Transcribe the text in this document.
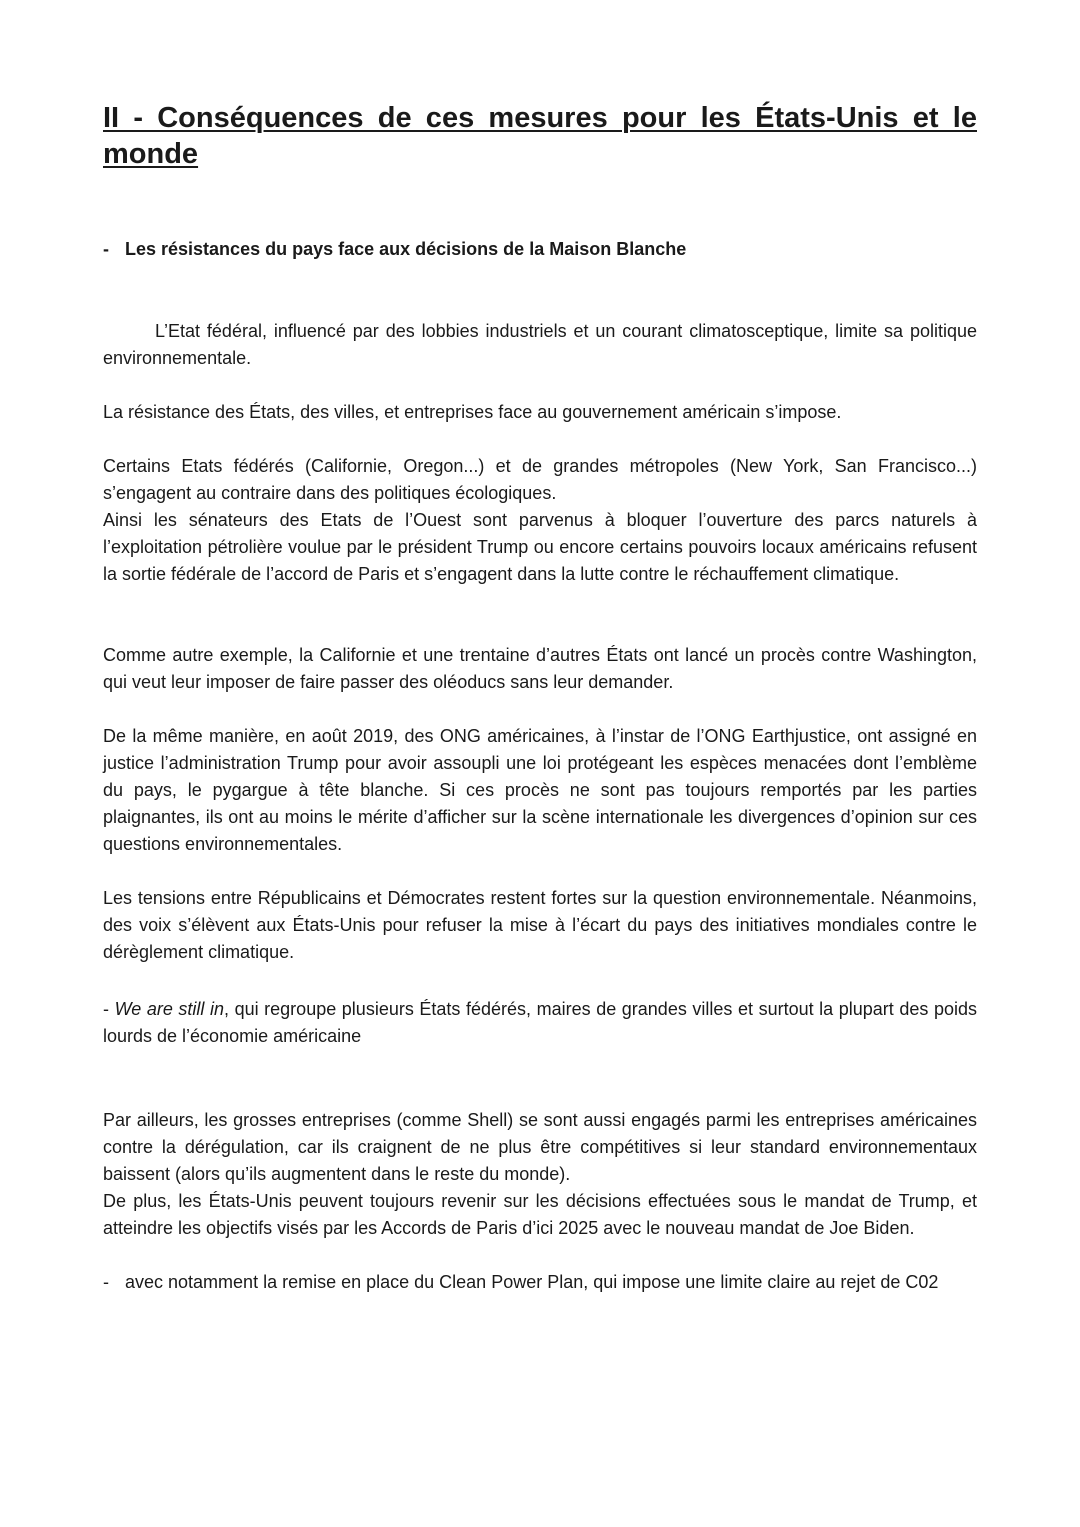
II - Conséquences de ces mesures pour les États-Unis et le monde
- Les résistances du pays face aux décisions de la Maison Blanche

L’Etat fédéral, influencé par des lobbies industriels et un courant climatosceptique, limite sa politique environnementale.

La résistance des États, des villes, et entreprises face au gouvernement américain s’impose.

Certains Etats fédérés (Californie, Oregon...) et de grandes métropoles (New York, San Francisco...) s’engagent au contraire dans des politiques écologiques.

Ainsi les sénateurs des Etats de l’Ouest sont parvenus à bloquer l’ouverture des parcs naturels à l’exploitation pétrolière voulue par le président Trump ou encore certains pouvoirs locaux américains refusent la sortie fédérale de l’accord de Paris et s’engagent dans la lutte contre le réchauffement climatique.

Comme autre exemple, la Californie et une trentaine d’autres États ont lancé un procès contre Washington, qui veut leur imposer de faire passer des oléoducs sans leur demander.

De la même manière, en août 2019, des ONG américaines, à l’instar de l’ONG Earthjustice, ont assigné en justice l’administration Trump pour avoir assoupli une loi protégeant les espèces menacées dont l’emblème du pays, le pygargue à tête blanche. Si ces procès ne sont pas toujours remportés par les parties plaignantes, ils ont au moins le mérite d’afficher sur la scène internationale les divergences d’opinion sur ces questions environnementales.

Les tensions entre Républicains et Démocrates restent fortes sur la question environnementale. Néanmoins, des voix s’élèvent aux États-Unis pour refuser la mise à l’écart du pays des initiatives mondiales contre le dérèglement climatique.

- We are still in, qui regroupe plusieurs États fédérés, maires de grandes villes et surtout la plupart des poids lourds de l’économie américaine

Par ailleurs, les grosses entreprises (comme Shell) se sont aussi engagés parmi les entreprises américaines contre la dérégulation, car ils craignent de ne plus être compétitives si leur standard environnementaux baissent (alors qu’ils augmentent dans le reste du monde).

De plus, les États-Unis peuvent toujours revenir sur les décisions effectuées sous le mandat de Trump, et atteindre les objectifs visés par les Accords de Paris d’ici 2025 avec le nouveau mandat de Joe Biden.

- avec notamment la remise en place du Clean Power Plan, qui impose une limite claire au rejet de C02
